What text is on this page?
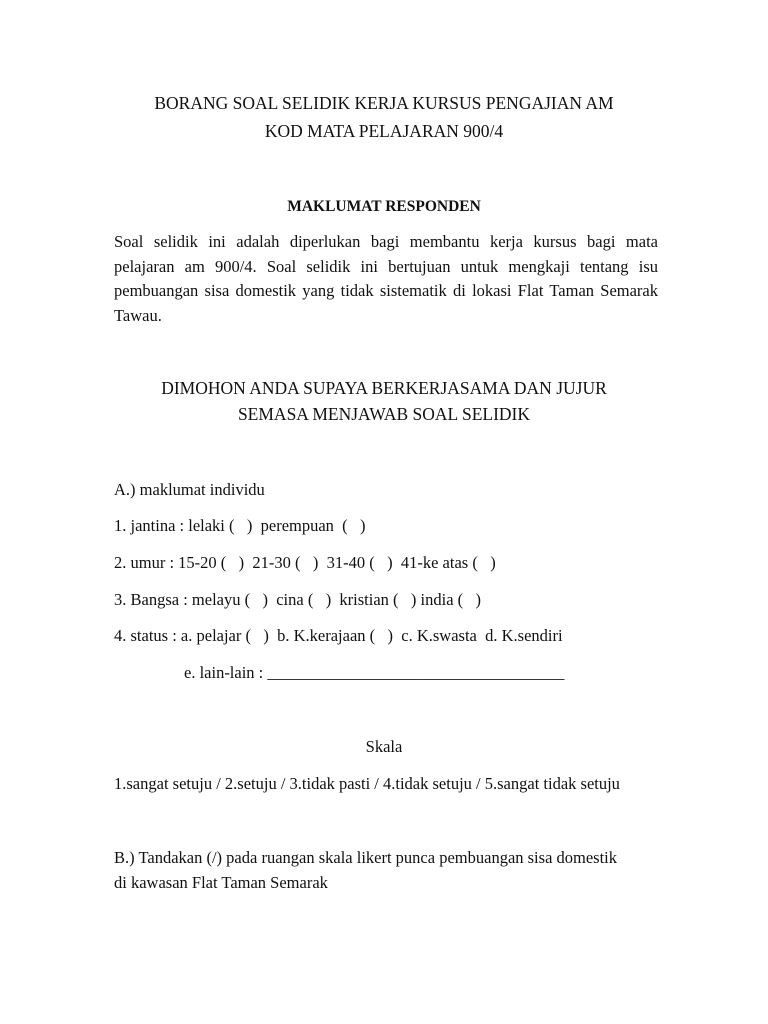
BORANG SOAL SELIDIK KERJA KURSUS PENGAJIAN AM
KOD MATA PELAJARAN 900/4
MAKLUMAT RESPONDEN
Soal selidik ini adalah diperlukan bagi membantu kerja kursus bagi mata pelajaran am 900/4. Soal selidik ini bertujuan untuk mengkaji tentang isu pembuangan sisa domestik yang tidak sistematik di lokasi Flat Taman Semarak Tawau.
DIMOHON ANDA SUPAYA BERKERJASAMA DAN JUJUR
SEMASA MENJAWAB SOAL SELIDIK
A.) maklumat individu
1. jantina : lelaki (   )  perempuan  (   )
2. umur : 15-20 (   )  21-30 (   )  31-40 (   )  41-ke atas (   )
3. Bangsa : melayu (   )  cina (   )  kristian (   ) india (   )
4. status : a. pelajar (   )  b. K.kerajaan (   )  c. K.swasta  d. K.sendiri
e. lain-lain : ____________________________________
Skala
1.sangat setuju / 2.setuju / 3.tidak pasti / 4.tidak setuju / 5.sangat tidak setuju
B.) Tandakan (/) pada ruangan skala likert punca pembuangan sisa domestik
di kawasan Flat Taman Semarak
